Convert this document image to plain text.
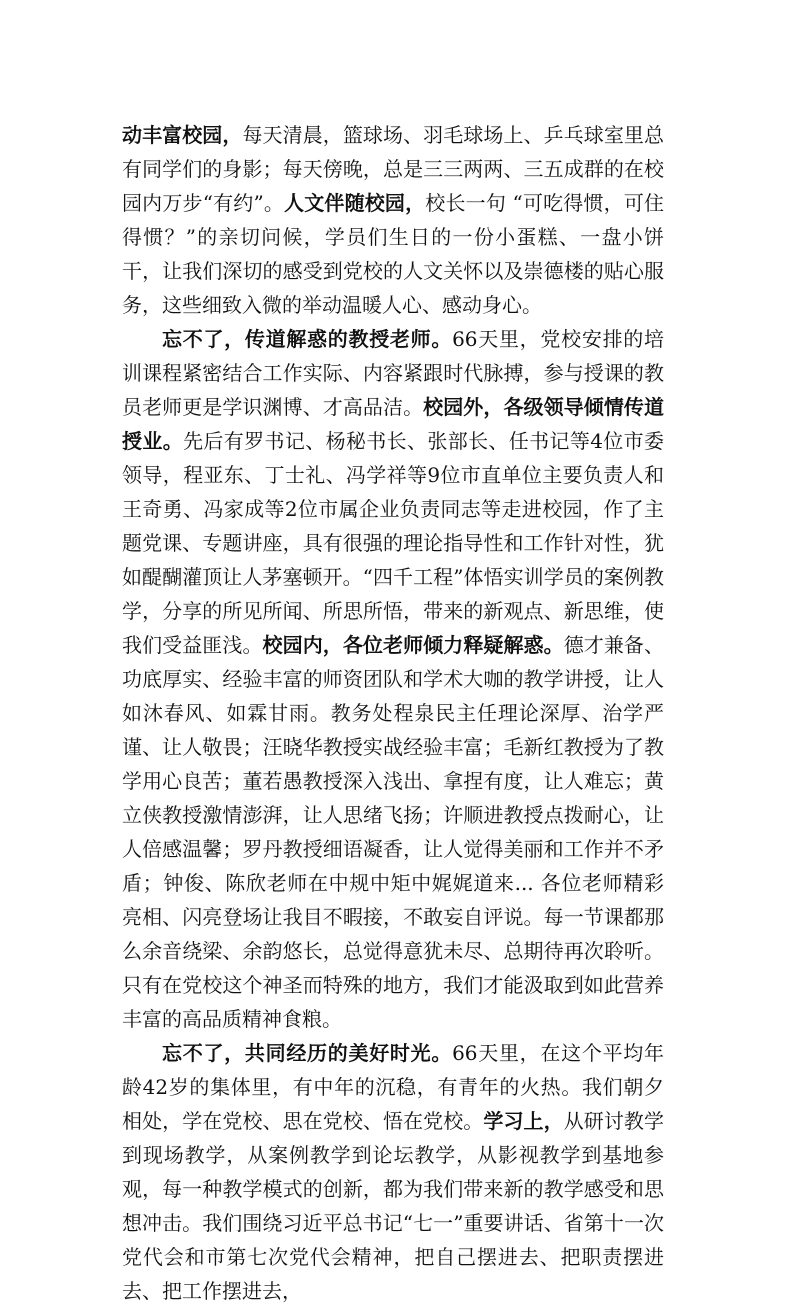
动丰富校园，每天清晨，篮球场、羽毛球场上、乒乓球室里总有同学们的身影；每天傍晚，总是三三两两、三五成群的在校园内万步“有约”。人文伴随校园，校长一句 “可吃得惯，可住得惯？”的亲切问候，学员们生日的一份小蛋糕、一盘小饼干，让我们深切的感受到党校的人文关怀以及崇德楼的贴心服务，这些细致入微的举动温暖人心、感动身心。

忘不了，传道解惑的教授老师。66天里，党校安排的培训课程紧密结合工作实际、内容紧跟时代脉搏，参与授课的教员老师更是学识渊博、才高品洁。校园外，各级领导倾情传道授业。先后有罗书记、杨秘书长、张部长、任书记等4位市委领导，程亚东、丁士礼、冯学祥等9位市直单位主要负责人和王奇勇、冯家成等2位市属企业负责同志等走进校园，作了主题党课、专题讲座，具有很强的理论指导性和工作针对性，犹如醍醐灌顶让人茅塞顿开。“四千工程”体悟实训学员的案例教学，分享的所见所闻、所思所悟，带来的新观点、新思维，使我们受益匪浅。校园内，各位老师倾力释疑解惑。德才兼备、功底厚实、经验丰富的师资团队和学术大咖的教学讲授，让人如沐春风、如霖甘雨。教务处程泉民主任理论深厚、治学严谨、让人敬畏；汪晓华教授实战经验丰富；毛新红教授为了教学用心良苦；董若愚教授深入浅出、拿捏有度，让人难忘；黄立侠教授激情澎湃，让人思绪飞扬；许顺进教授点拨耐心，让人倍感温馨；罗丹教授细语凝香，让人觉得美丽和工作并不矛盾；钟俊、陈欣老师在中规中矩中娓娓道来... 各位老师精彩亮相、闪亮登场让我目不暇接，不敢妄自评说。每一节课都那么余音绕梁、余韵悠长，总觉得意犹未尽、总期待再次聆听。只有在党校这个神圣而特殊的地方，我们才能汲取到如此营养丰富的高品质精神食粮。

忘不了，共同经历的美好时光。66天里，在这个平均年龄42岁的集体里，有中年的沉稳，有青年的火热。我们朝夕相处，学在党校、思在党校、悟在党校。学习上，从研讨教学到现场教学，从案例教学到论坛教学，从影视教学到基地参观，每一种教学模式的创新，都为我们带来新的教学感受和思想冲击。我们围绕习近平总书记“七一”重要讲话、省第十一次党代会和市第七次党代会精神，把自己摆进去、把职责摆进去、把工作摆进去，
